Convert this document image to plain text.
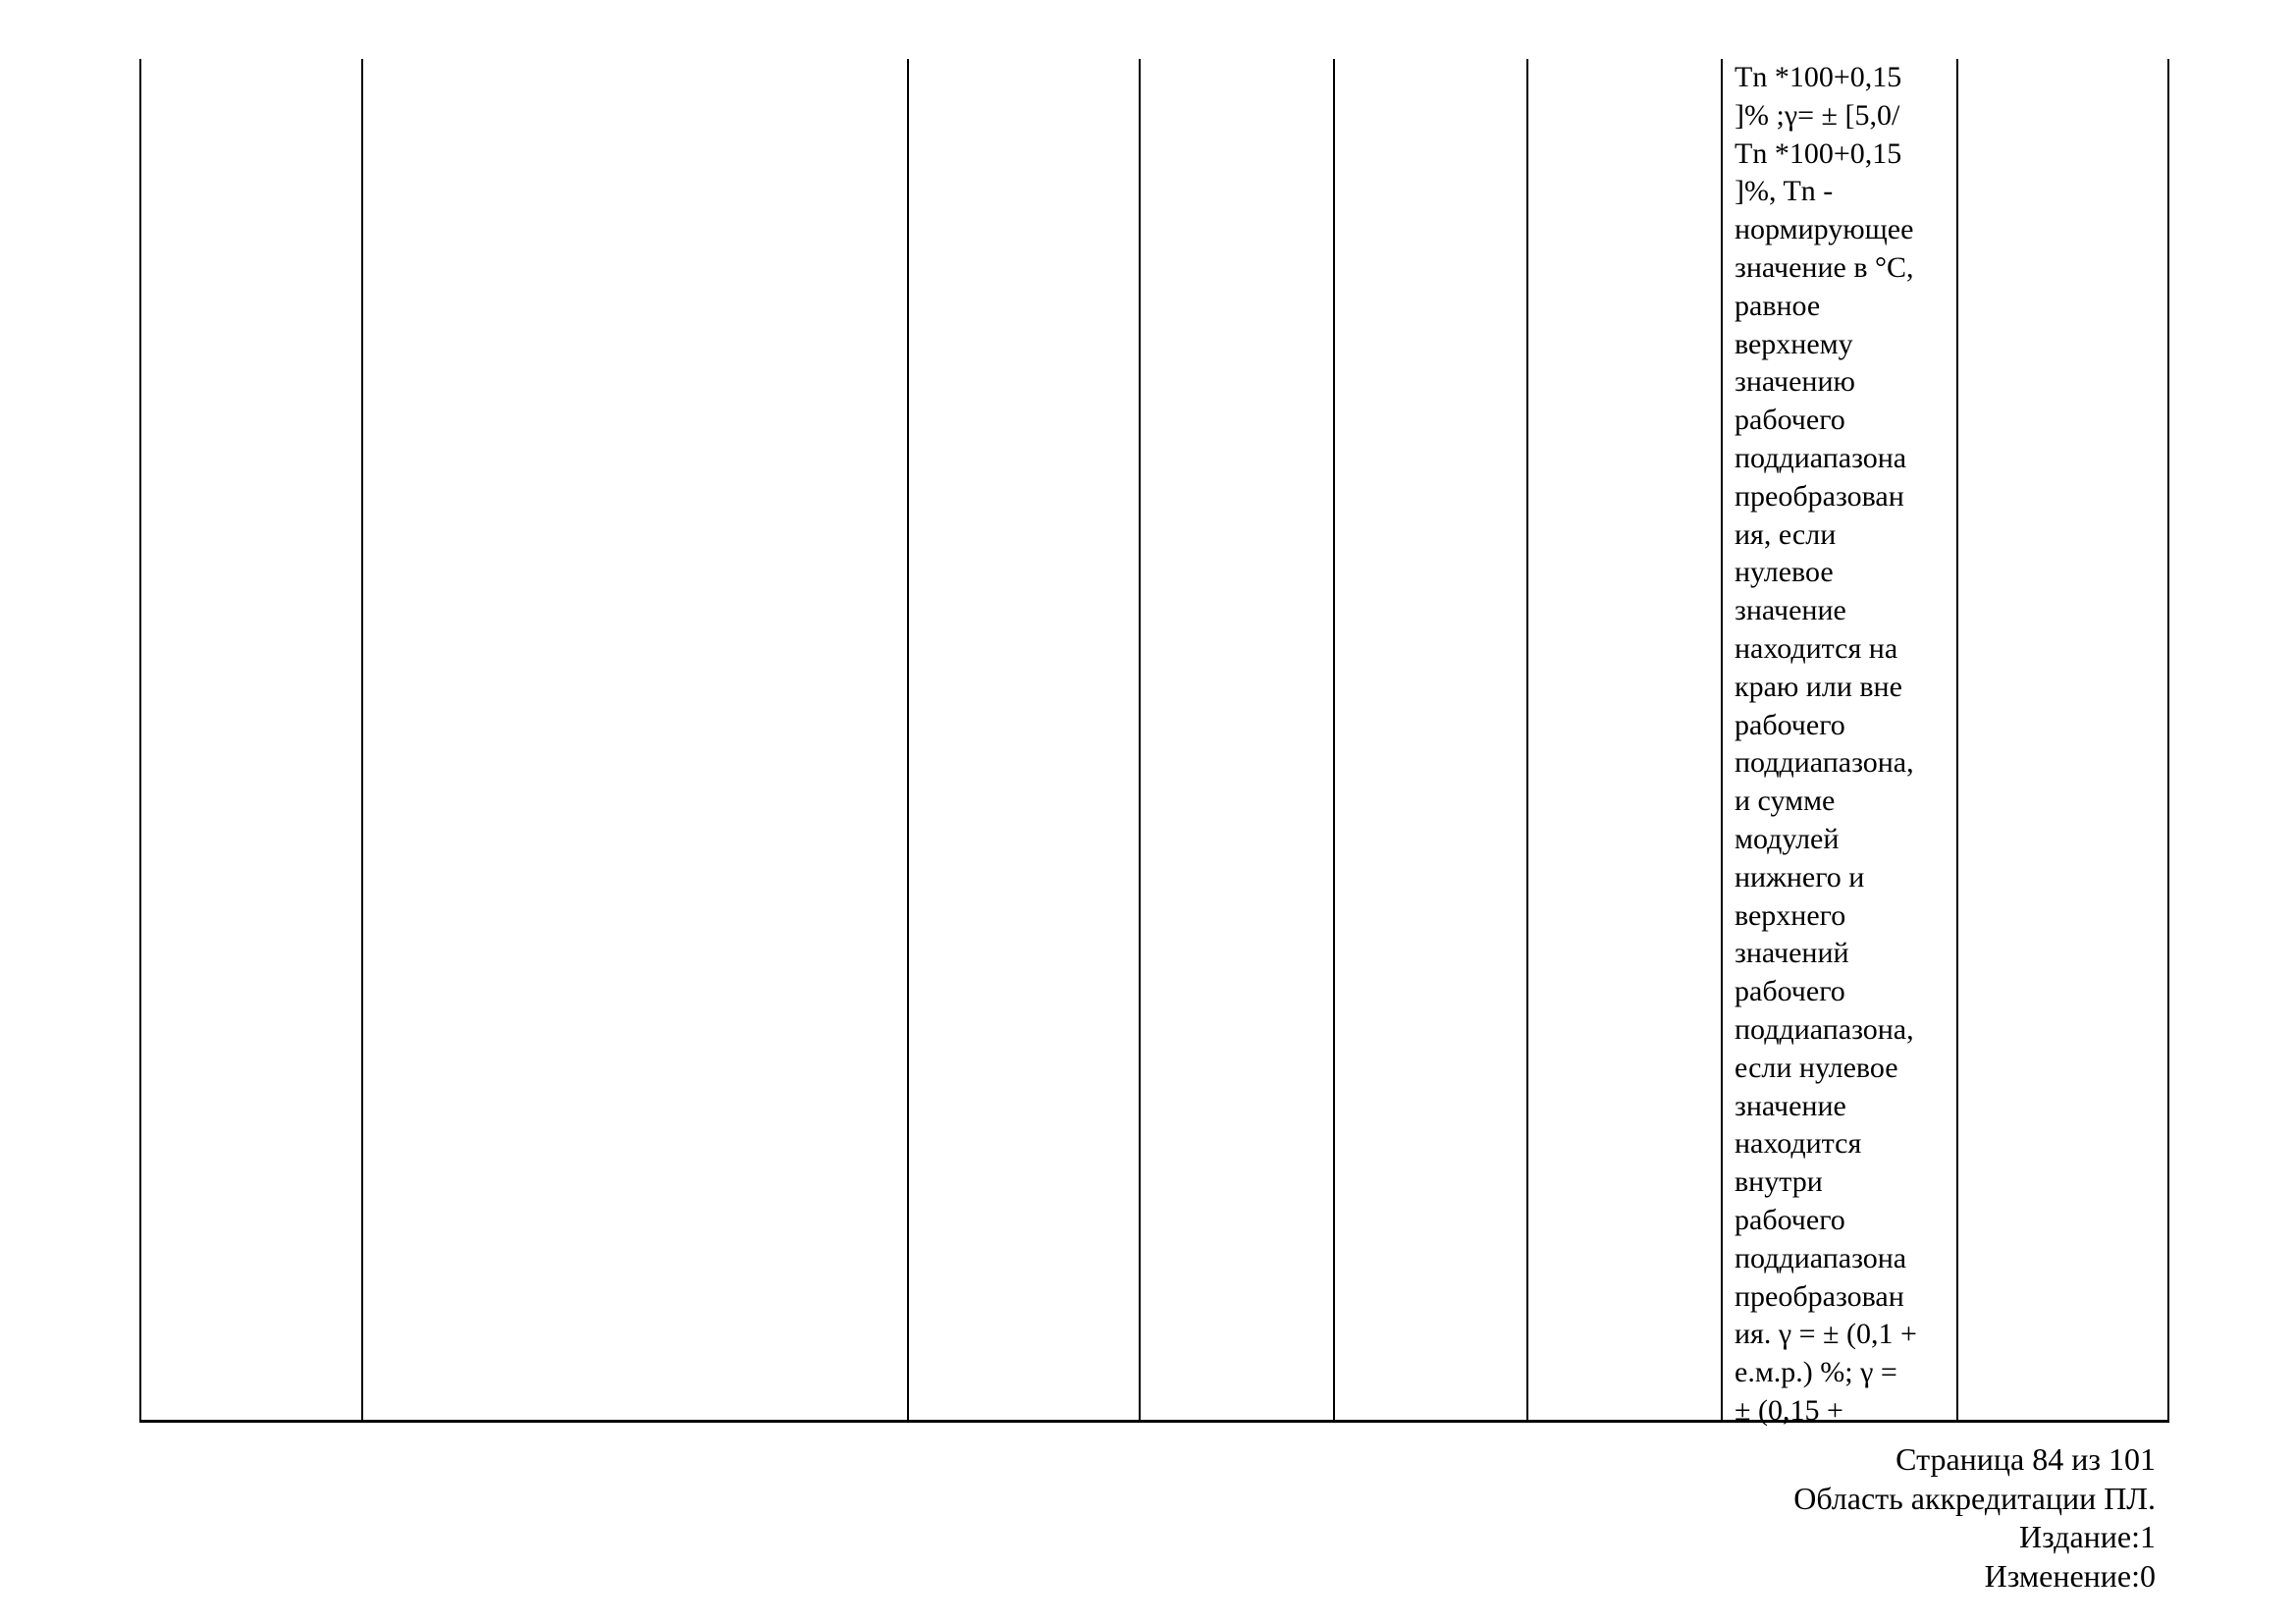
Tn *100+0,15
]% ;γ= ± [5,0/
Tn *100+0,15
]%, Tn -
нормирующее
значение в °С,
равное
верхнему
значению
рабочего
поддиапазона
преобразован
ия, если
нулевое
значение
находится на
краю или вне
рабочего
поддиапазона,
и сумме
модулей
нижнего и
верхнего
значений
рабочего
поддиапазона,
если нулевое
значение
находится
внутри
рабочего
поддиапазона
преобразован
ия. γ = ± (0,1 +
е.м.р.) %; γ =
± (0,15 +
Страница 84 из 101
Область аккредитации ПЛ.
Издание:1
Изменение:0
